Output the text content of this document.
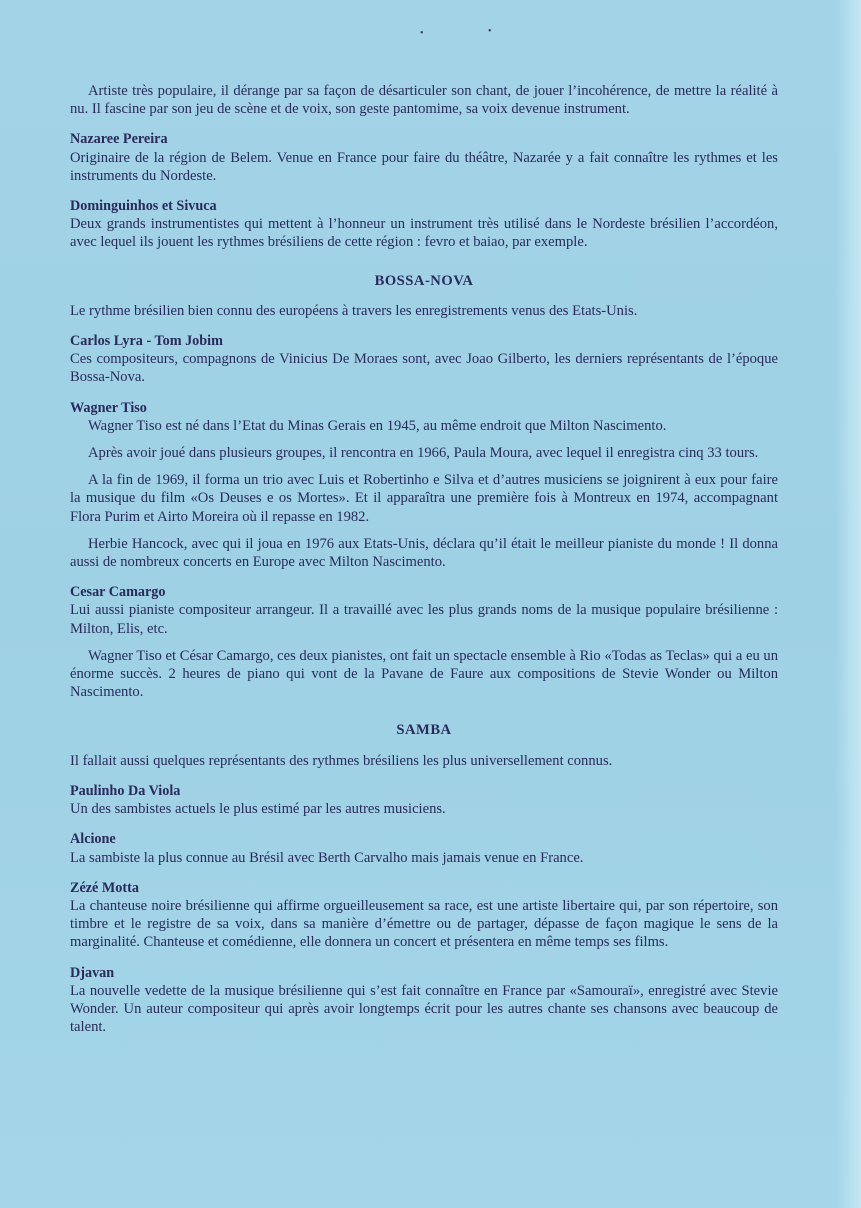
•	•

Artiste très populaire, il dérange par sa façon de désarticuler son chant, de jouer l’incohérence, de mettre la réalité à nu. Il fascine par son jeu de scène et de voix, son geste pantomime, sa voix devenue instrument.

Nazaree Pereira

Originaire de la région de Belem. Venue en France pour faire du théâtre, Nazarée y a fait connaître les rythmes et les instruments du Nordeste.

Dominguinhos et Sivuca

Deux grands instrumentistes qui mettent à l’honneur un instrument très utilisé dans le Nordeste brésilien l’accordéon, avec lequel ils jouent les rythmes brésiliens de cette région : fevro et baiao, par exemple.

BOSSA-NOVA

Le rythme brésilien bien connu des européens à travers les enregistrements venus des Etats-Unis.

Carlos Lyra - Tom Jobim

Ces compositeurs, compagnons de Vinicius De Moraes sont, avec Joao Gilberto, les derniers représentants de l’époque Bossa-Nova.

Wagner Tiso

Wagner Tiso est né dans l’Etat du Minas Gerais en 1945, au même endroit que Milton Nascimento.

Après avoir joué dans plusieurs groupes, il rencontra en 1966, Paula Moura, avec lequel il enregistra cinq 33 tours.

A la fin de 1969, il forma un trio avec Luis et Robertinho e Silva et d’autres musiciens se joignirent à eux pour faire la musique du film «Os Deuses e os Mortes». Et il apparaîtra une première fois à Montreux en 1974, accompagnant Flora Purim et Airto Moreira où il repasse en 1982.

Herbie Hancock, avec qui il joua en 1976 aux Etats-Unis, déclara qu’il était le meilleur pianiste du monde ! Il donna aussi de nombreux concerts en Europe avec Milton Nascimento.

Cesar Camargo

Lui aussi pianiste compositeur arrangeur. Il a travaillé avec les plus grands noms de la musique populaire brésilienne : Milton, Elis, etc.

Wagner Tiso et César Camargo, ces deux pianistes, ont fait un spectacle ensemble à Rio «Todas as Teclas» qui a eu un énorme succès. 2 heures de piano qui vont de la Pavane de Faure aux compositions de Stevie Wonder ou Milton Nascimento.

SAMBA

Il fallait aussi quelques représentants des rythmes brésiliens les plus universellement connus.

Paulinho Da Viola

Un des sambistes actuels le plus estimé par les autres musiciens.

Alcione

La sambiste la plus connue au Brésil avec Berth Carvalho mais jamais venue en France.

Zézé Motta

La chanteuse noire brésilienne qui affirme orgueilleusement sa race, est une artiste libertaire qui, par son répertoire, son timbre et le registre de sa voix, dans sa manière d’émettre ou de partager, dépasse de façon magique le sens de la marginalité. Chanteuse et comédienne, elle donnera un concert et présentera en même temps ses films.

Djavan

La nouvelle vedette de la musique brésilienne qui s’est fait connaître en France par «Samouraï», enregistré avec Stevie Wonder. Un auteur compositeur qui après avoir longtemps écrit pour les autres chante ses chansons avec beaucoup de talent.
